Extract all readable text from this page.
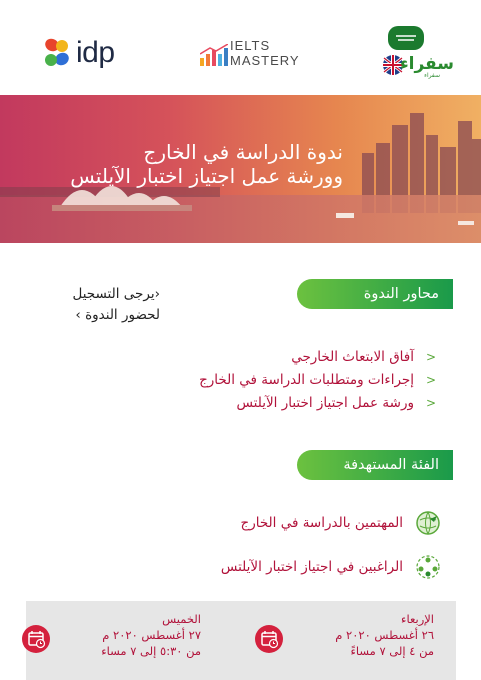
idp	IELTS
MASTERY	سفراء
سفراء
ندوة الدراسة في الخارج
وورشة عمل اجتياز اختبار الآيلتس
‹يرجى التسجيل
لحضور الندوة ›
محاور الندوة
<
آفاق الابتعاث الخارجي
<
إجراءات ومتطلبات الدراسة في الخارج
<
ورشة عمل اجتياز اختبار الآيلتس
الفئة المستهدفة
المهتمين بالدراسة في الخارج
الراغبين في اجتياز اختبار الآيلتس
الإربعاء
٢٦ أغسطس ٢٠٢٠ م
من ٤ إلى ٧ مساءً
الخميس
٢٧ أغسطس ٢٠٢٠ م
من ٥:٣٠ إلى ٧ مساء
